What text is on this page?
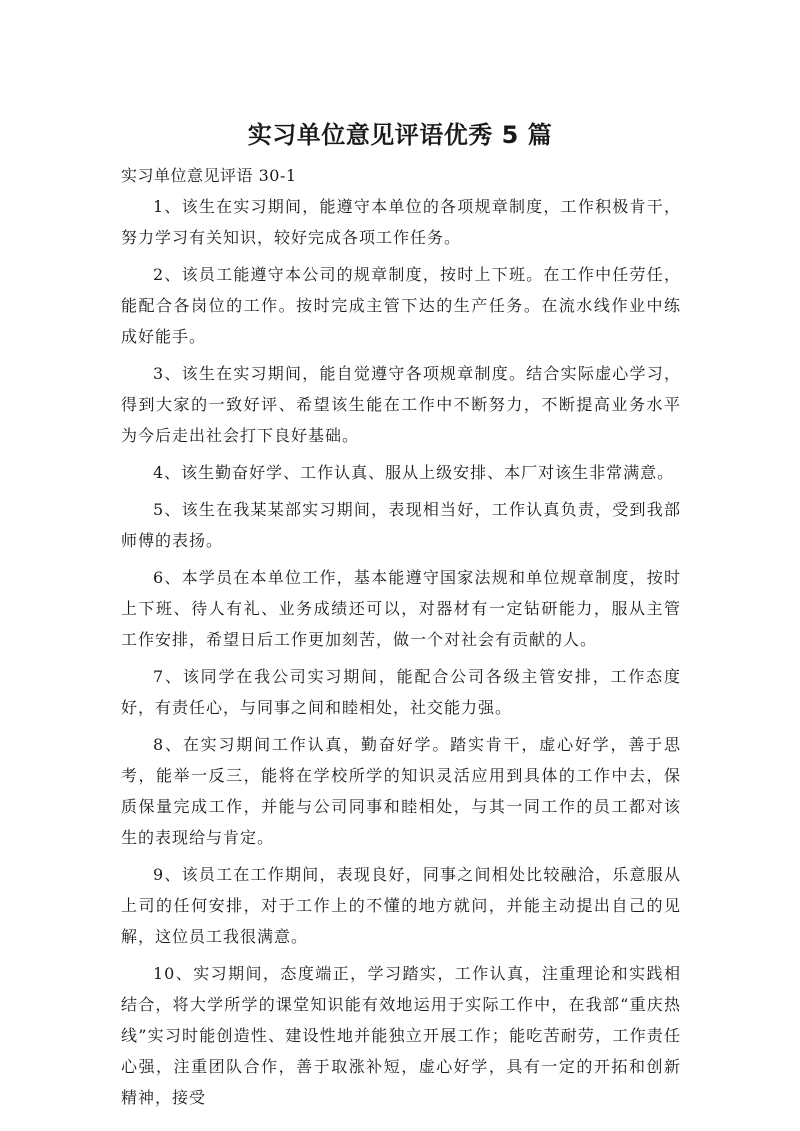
实习单位意见评语优秀 5 篇
实习单位意见评语 30-1

1、该生在实习期间，能遵守本单位的各项规章制度，工作积极肯干，努力学习有关知识，较好完成各项工作任务。

2、该员工能遵守本公司的规章制度，按时上下班。在工作中任劳任，能配合各岗位的工作。按时完成主管下达的生产任务。在流水线作业中练成好能手。

3、该生在实习期间，能自觉遵守各项规章制度。结合实际虚心学习，得到大家的一致好评、希望该生能在工作中不断努力，不断提高业务水平为今后走出社会打下良好基础。

4、该生勤奋好学、工作认真、服从上级安排、本厂对该生非常满意。

5、该生在我某某部实习期间，表现相当好，工作认真负责，受到我部师傅的表扬。

6、本学员在本单位工作，基本能遵守国家法规和单位规章制度，按时上下班、待人有礼、业务成绩还可以，对器材有一定钻研能力，服从主管工作安排，希望日后工作更加刻苦，做一个对社会有贡献的人。

7、该同学在我公司实习期间，能配合公司各级主管安排，工作态度好，有责任心，与同事之间和睦相处，社交能力强。

8、在实习期间工作认真，勤奋好学。踏实肯干，虚心好学，善于思考，能举一反三，能将在学校所学的知识灵活应用到具体的工作中去，保质保量完成工作，并能与公司同事和睦相处，与其一同工作的员工都对该生的表现给与肯定。

9、该员工在工作期间，表现良好，同事之间相处比较融洽，乐意服从上司的任何安排，对于工作上的不懂的地方就问，并能主动提出自己的见解，这位员工我很满意。

10、实习期间，态度端正，学习踏实，工作认真，注重理论和实践相结合，将大学所学的课堂知识能有效地运用于实际工作中，在我部“重庆热线”实习时能创造性、建设性地并能独立开展工作；能吃苦耐劳，工作责任心强，注重团队合作，善于取涨补短，虚心好学，具有一定的开拓和创新精神，接受
